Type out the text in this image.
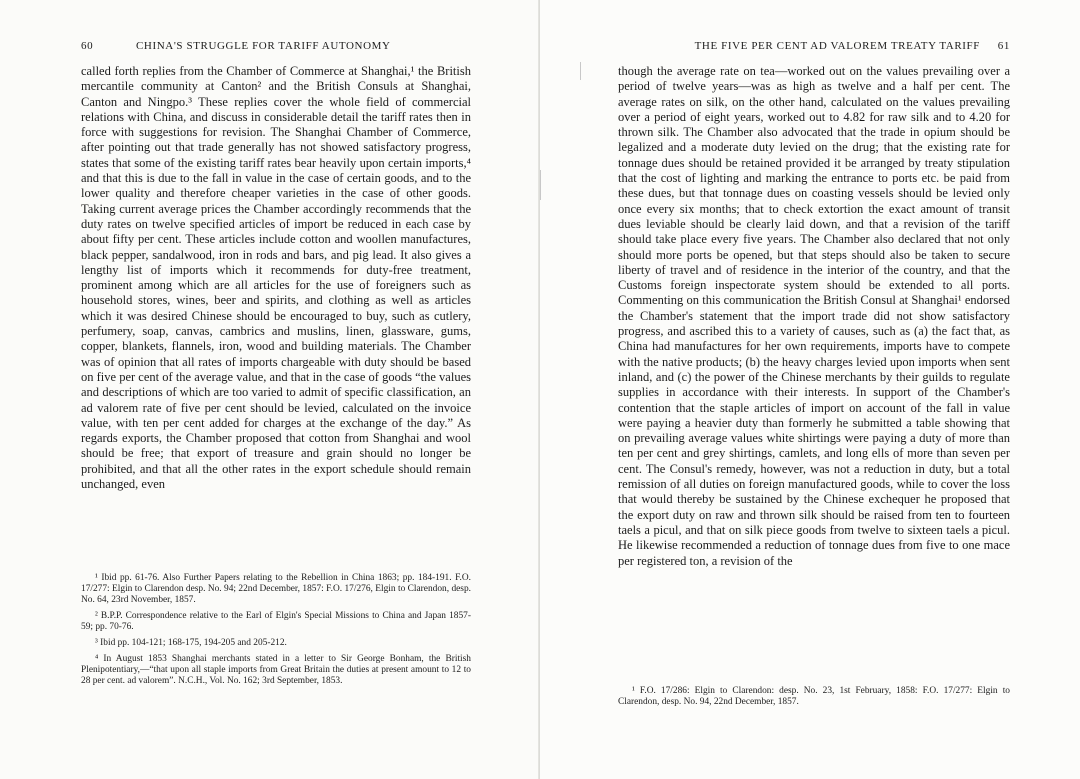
60	CHINA'S STRUGGLE FOR TARIFF AUTONOMY

called forth replies from the Chamber of Commerce at Shanghai,¹ the British mercantile community at Canton² and the British Consuls at Shanghai, Canton and Ningpo.³ These replies cover the whole field of commercial relations with China, and discuss in considerable detail the tariff rates then in force with suggestions for revision. The Shanghai Chamber of Commerce, after pointing out that trade generally has not showed satisfactory progress, states that some of the existing tariff rates bear heavily upon certain imports,⁴ and that this is due to the fall in value in the case of certain goods, and to the lower quality and therefore cheaper varieties in the case of other goods. Taking current average prices the Chamber accordingly recommends that the duty rates on twelve specified articles of import be reduced in each case by about fifty per cent. These articles include cotton and woollen manufactures, black pepper, sandalwood, iron in rods and bars, and pig lead. It also gives a lengthy list of imports which it recommends for duty-free treatment, prominent among which are all articles for the use of foreigners such as household stores, wines, beer and spirits, and clothing as well as articles which it was desired Chinese should be encouraged to buy, such as cutlery, perfumery, soap, canvas, cambrics and muslins, linen, glassware, gums, copper, blankets, flannels, iron, wood and building materials. The Chamber was of opinion that all rates of imports chargeable with duty should be based on five per cent of the average value, and that in the case of goods “the values and descriptions of which are too varied to admit of specific classification, an ad valorem rate of five per cent should be levied, calculated on the invoice value, with ten per cent added for charges at the exchange of the day.” As regards exports, the Chamber proposed that cotton from Shanghai and wool should be free; that export of treasure and grain should no longer be prohibited, and that all the other rates in the export schedule should remain unchanged, even

¹ Ibid pp. 61-76. Also Further Papers relating to the Rebellion in China 1863; pp. 184-191. F.O. 17/277: Elgin to Clarendon desp. No. 94; 22nd December, 1857: F.O. 17/276, Elgin to Clarendon, desp. No. 64, 23rd November, 1857.

² B.P.P. Correspondence relative to the Earl of Elgin's Special Missions to China and Japan 1857-59; pp. 70-76.

³ Ibid pp. 104-121; 168-175, 194-205 and 205-212.

⁴ In August 1853 Shanghai merchants stated in a letter to Sir George Bonham, the British Plenipotentiary,—“that upon all staple imports from Great Britain the duties at present amount to 12 to 28 per cent. ad valorem”. N.C.H., Vol. No. 162; 3rd September, 1853.

THE FIVE PER CENT AD VALOREM TREATY TARIFF 61

though the average rate on tea—worked out on the values prevailing over a period of twelve years—was as high as twelve and a half per cent. The average rates on silk, on the other hand, calculated on the values prevailing over a period of eight years, worked out to 4.82 for raw silk and to 4.20 for thrown silk. The Chamber also advocated that the trade in opium should be legalized and a moderate duty levied on the drug; that the existing rate for tonnage dues should be retained provided it be arranged by treaty stipulation that the cost of lighting and marking the entrance to ports etc. be paid from these dues, but that tonnage dues on coasting vessels should be levied only once every six months; that to check extortion the exact amount of transit dues leviable should be clearly laid down, and that a revision of the tariff should take place every five years. The Chamber also declared that not only should more ports be opened, but that steps should also be taken to secure liberty of travel and of residence in the interior of the country, and that the Customs foreign inspectorate system should be extended to all ports. Commenting on this communication the British Consul at Shanghai¹ endorsed the Chamber's statement that the import trade did not show satisfactory progress, and ascribed this to a variety of causes, such as (a) the fact that, as China had manufactures for her own requirements, imports have to compete with the native products; (b) the heavy charges levied upon imports when sent inland, and (c) the power of the Chinese merchants by their guilds to regulate supplies in accordance with their interests. In support of the Chamber's contention that the staple articles of import on account of the fall in value were paying a heavier duty than formerly he submitted a table showing that on prevailing average values white shirtings were paying a duty of more than ten per cent and grey shirtings, camlets, and long ells of more than seven per cent. The Consul's remedy, however, was not a reduction in duty, but a total remission of all duties on foreign manufactured goods, while to cover the loss that would thereby be sustained by the Chinese exchequer he proposed that the export duty on raw and thrown silk should be raised from ten to fourteen taels a picul, and that on silk piece goods from twelve to sixteen taels a picul. He likewise recommended a reduction of tonnage dues from five to one mace per registered ton, a revision of the

¹ F.O. 17/286: Elgin to Clarendon: desp. No. 23, 1st February, 1858: F.O. 17/277: Elgin to Clarendon, desp. No. 94, 22nd December, 1857.
